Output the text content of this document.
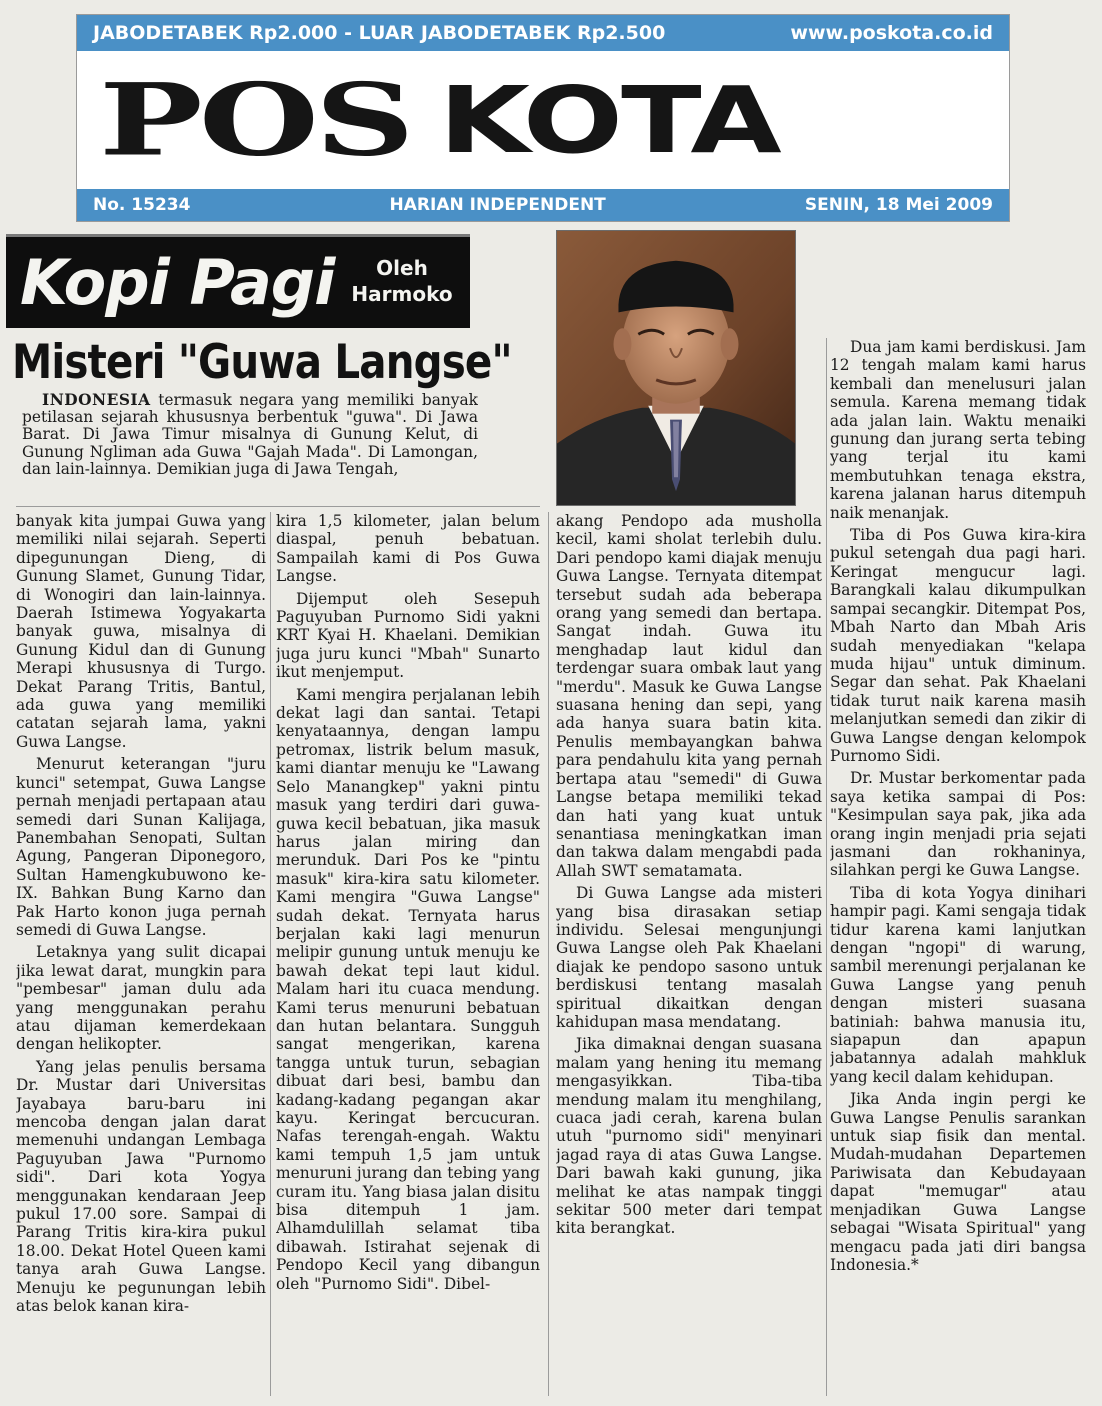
JABODETABEK Rp2.000 - LUAR JABODETABEK Rp2.500	www.poskota.co.id
POS KOTA
No. 15234	HARIAN INDEPENDENT	SENIN, 18 Mei 2009
Kopi Pagi	Oleh
Harmoko
Misteri "Guwa Langse"

INDONESIA termasuk negara yang memiliki banyak petilasan sejarah khususnya berbentuk "guwa". Di Jawa Barat. Di Jawa Timur misalnya di Gunung Kelut, di Gunung Ngliman ada Guwa "Gajah Mada". Di Lamongan, dan lain-lainnya. Demikian juga di Jawa Tengah,

banyak kita jumpai Guwa yang memiliki nilai sejarah. Seperti dipegunungan Dieng, di Gunung Slamet, Gunung Tidar, di Wonogiri dan lain-lainnya. Daerah Istimewa Yogyakarta banyak guwa, misalnya di Gunung Kidul dan di Gunung Merapi khususnya di Turgo. Dekat Parang Tritis, Bantul, ada guwa yang memiliki catatan sejarah lama, yakni Guwa Langse.

Menurut keterangan "juru kunci" setempat, Guwa Langse pernah menjadi pertapaan atau semedi dari Sunan Kalijaga, Panembahan Senopati, Sultan Agung, Pangeran Diponegoro, Sultan Hamengkubuwono ke-IX. Bahkan Bung Karno dan Pak Harto konon juga pernah semedi di Guwa Langse.

Letaknya yang sulit dicapai jika lewat darat, mungkin para "pembesar" jaman dulu ada yang menggunakan perahu atau dijaman kemerdekaan dengan helikopter.

Yang jelas penulis bersama Dr. Mustar dari Universitas Jayabaya baru-baru ini mencoba dengan jalan darat memenuhi undangan Lembaga Paguyuban Jawa "Purnomo sidi". Dari kota Yogya menggunakan kendaraan Jeep pukul 17.00 sore. Sampai di Parang Tritis kira-kira pukul 18.00. Dekat Hotel Queen kami tanya arah Guwa Langse. Menuju ke pegunungan lebih atas belok kanan kira-

kira 1,5 kilometer, jalan belum diaspal, penuh bebatuan. Sampailah kami di Pos Guwa Langse.

Dijemput oleh Sesepuh Paguyuban Purnomo Sidi yakni KRT Kyai H. Khaelani. Demikian juga juru kunci "Mbah" Sunarto ikut menjemput.

Kami mengira perjalanan lebih dekat lagi dan santai. Tetapi kenyataannya, dengan lampu petromax, listrik belum masuk, kami diantar menuju ke "Lawang Selo Manangkep" yakni pintu masuk yang terdiri dari guwa-guwa kecil bebatuan, jika masuk harus jalan miring dan merunduk. Dari Pos ke "pintu masuk" kira-kira satu kilometer. Kami mengira "Guwa Langse" sudah dekat. Ternyata harus berjalan kaki lagi menurun melipir gunung untuk menuju ke bawah dekat tepi laut kidul. Malam hari itu cuaca mendung. Kami terus menuruni bebatuan dan hutan belantara. Sungguh sangat mengerikan, karena tangga untuk turun, sebagian dibuat dari besi, bambu dan kadang-kadang pegangan akar kayu. Keringat bercucuran. Nafas terengah-engah. Waktu kami tempuh 1,5 jam untuk menuruni jurang dan tebing yang curam itu. Yang biasa jalan disitu bisa ditempuh 1 jam. Alhamdulillah selamat tiba dibawah. Istirahat sejenak di Pendopo Kecil yang dibangun oleh "Purnomo Sidi". Dibel-

akang Pendopo ada musholla kecil, kami sholat terlebih dulu. Dari pendopo kami diajak menuju Guwa Langse. Ternyata ditempat tersebut sudah ada beberapa orang yang semedi dan bertapa. Sangat indah. Guwa itu menghadap laut kidul dan terdengar suara ombak laut yang "merdu". Masuk ke Guwa Langse suasana hening dan sepi, yang ada hanya suara batin kita. Penulis membayangkan bahwa para pendahulu kita yang pernah bertapa atau "semedi" di Guwa Langse betapa memiliki tekad dan hati yang kuat untuk senantiasa meningkatkan iman dan takwa dalam mengabdi pada Allah SWT sematamata.

Di Guwa Langse ada misteri yang bisa dirasakan setiap individu. Selesai mengunjungi Guwa Langse oleh Pak Khaelani diajak ke pendopo sasono untuk berdiskusi tentang masalah spiritual dikaitkan dengan kahidupan masa mendatang.

Jika dimaknai dengan suasana malam yang hening itu memang mengasyikkan. Tiba-tiba mendung malam itu menghilang, cuaca jadi cerah, karena bulan utuh "purnomo sidi" menyinari jagad raya di atas Guwa Langse. Dari bawah kaki gunung, jika melihat ke atas nampak tinggi sekitar 500 meter dari tempat kita berangkat.

Dua jam kami berdiskusi. Jam 12 tengah malam kami harus kembali dan menelusuri jalan semula. Karena memang tidak ada jalan lain. Waktu menaiki gunung dan jurang serta tebing yang terjal itu kami membutuhkan tenaga ekstra, karena jalanan harus ditempuh naik menanjak.

Tiba di Pos Guwa kira-kira pukul setengah dua pagi hari. Keringat mengucur lagi. Barangkali kalau dikumpulkan sampai secangkir. Ditempat Pos, Mbah Narto dan Mbah Aris sudah menyediakan "kelapa muda hijau" untuk diminum. Segar dan sehat. Pak Khaelani tidak turut naik karena masih melanjutkan semedi dan zikir di Guwa Langse dengan kelompok Purnomo Sidi.

Dr. Mustar berkomentar pada saya ketika sampai di Pos: "Kesimpulan saya pak, jika ada orang ingin menjadi pria sejati jasmani dan rokhaninya, silahkan pergi ke Guwa Langse.

Tiba di kota Yogya dinihari hampir pagi. Kami sengaja tidak tidur karena kami lanjutkan dengan "ngopi" di warung, sambil merenungi perjalanan ke Guwa Langse yang penuh dengan misteri suasana batiniah: bahwa manusia itu, siapapun dan apapun jabatannya adalah mahkluk yang kecil dalam kehidupan.

Jika Anda ingin pergi ke Guwa Langse Penulis sarankan untuk siap fisik dan mental. Mudah-mudahan Departemen Pariwisata dan Kebudayaan dapat "memugar" atau menjadikan Guwa Langse sebagai "Wisata Spiritual" yang mengacu pada jati diri bangsa Indonesia.*
